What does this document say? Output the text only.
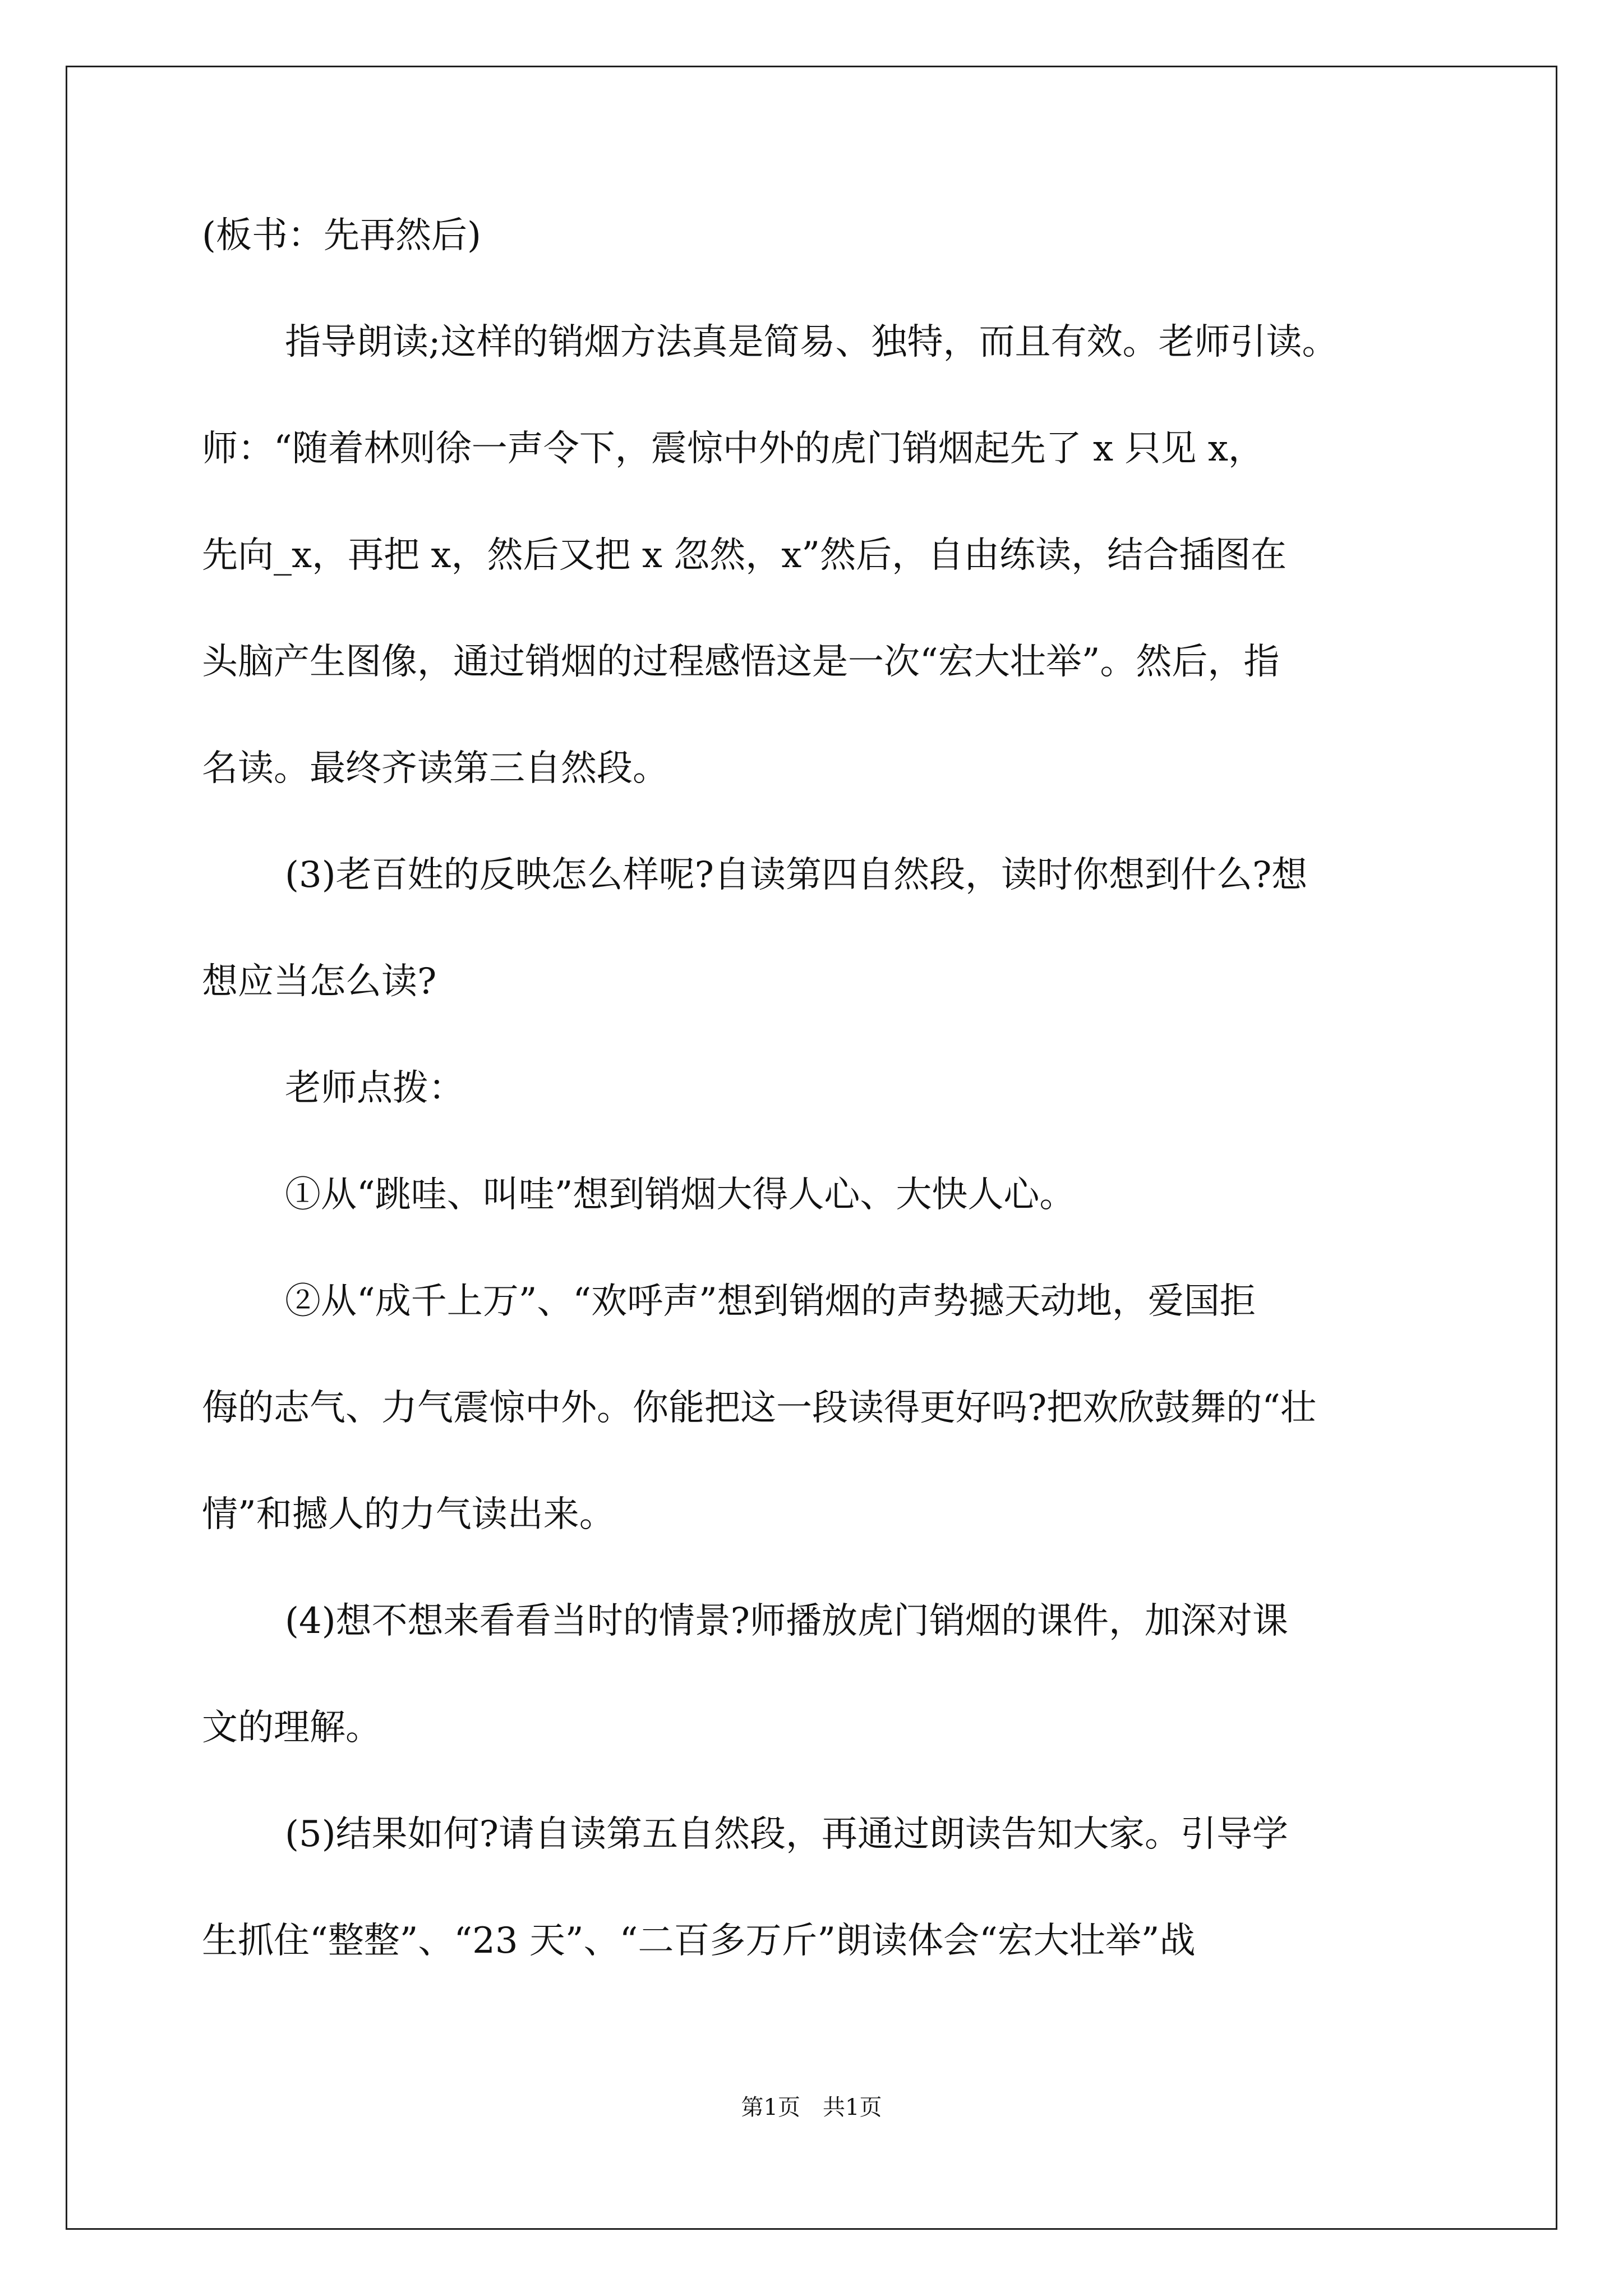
(板书：先再然后)
指导朗读;这样的销烟方法真是简易、独特，而且有效。老师引读。
师：“随着林则徐一声令下，震惊中外的虎门销烟起先了 x 只见 x，
先向_x，再把 x，然后又把 x 忽然，x”然后，自由练读，结合插图在
头脑产生图像，通过销烟的过程感悟这是一次“宏大壮举”。然后，指
名读。最终齐读第三自然段。
(3)老百姓的反映怎么样呢?自读第四自然段，读时你想到什么?想
想应当怎么读?
老师点拨：
①从“跳哇、叫哇”想到销烟大得人心、大快人心。
②从“成千上万”、“欢呼声”想到销烟的声势撼天动地，爱国拒
侮的志气、力气震惊中外。你能把这一段读得更好吗?把欢欣鼓舞的“壮
情”和撼人的力气读出来。
(4)想不想来看看当时的情景?师播放虎门销烟的课件，加深对课
文的理解。
(5)结果如何?请自读第五自然段，再通过朗读告知大家。引导学
生抓住“整整”、“23 天”、“二百多万斤”朗读体会“宏大壮举”战
第1页　共1页
